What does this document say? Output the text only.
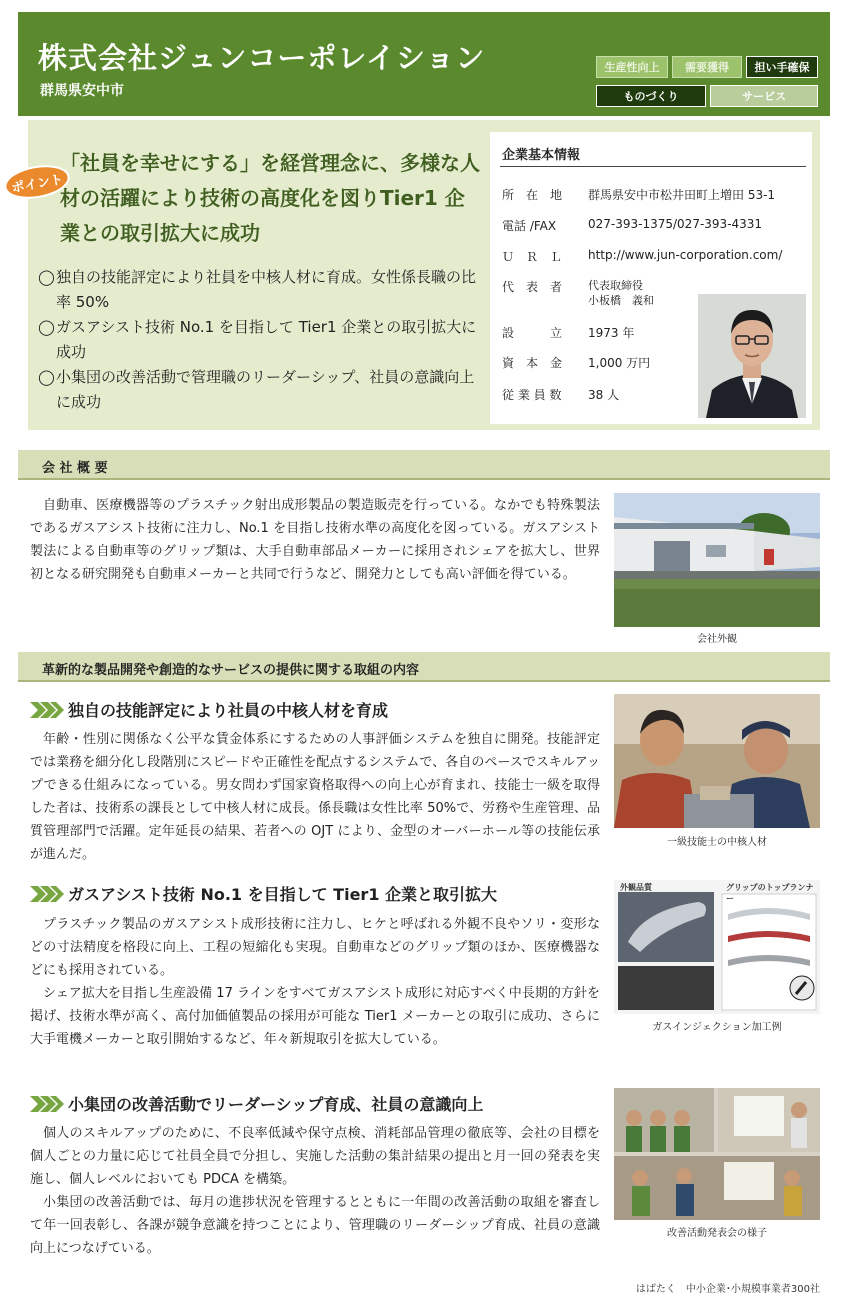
株式会社ジュンコーポレイション
群馬県安中市
生産性向上	需要獲得	担い手確保
ものづくり	サービス
ポイント
「社員を幸せにする」を経営理念に、多様な人材の活躍により技術の高度化を図りTier1 企業との取引拡大に成功
◯独自の技能評定により社員を中核人材に育成。女性係長職の比率 50%
◯ガスアシスト技術 No.1 を目指して Tier1 企業との取引拡大に成功
◯小集団の改善活動で管理職のリーダーシップ、社員の意識向上に成功
企業基本情報
所　在　地 群馬県安中市松井田町上増田 53-1
電話 /FAX	027-393-1375/027-393-4331
Ｕ　Ｒ　Ｌ http://www.jun-corporation.com/
代　表　者 代表取締役
小板橋　義和
設　　　立 1973 年
資　本　金 1,000 万円
従 業 員 数 38 人
会 社 概 要

自動車、医療機器等のプラスチック射出成形製品の製造販売を行っている。なかでも特殊製法であるガスアシスト技術に注力し、No.1 を目指し技術水準の高度化を図っている。ガスアシスト製法による自動車等のグリップ類は、大手自動車部品メーカーに採用されシェアを拡大し、世界初となる研究開発も自動車メーカーと共同で行うなど、開発力としても高い評価を得ている。

会社外観
革新的な製品開発や創造的なサービスの提供に関する取組の内容
独自の技能評定により社員の中核人材を育成

年齢・性別に関係なく公平な賃金体系にするための人事評価システムを独自に開発。技能評定では業務を細分化し段階別にスピードや正確性を配点するシステムで、各自のペースでスキルアップできる仕組みになっている。男女問わず国家資格取得への向上心が育まれ、技能士一級を取得した者は、技術系の課長として中核人材に成長。係長職は女性比率 50%で、労務や生産管理、品質管理部門で活躍。定年延長の結果、若者への OJT により、金型のオーバーホール等の技能伝承が進んだ。

一級技能士の中核人材
ガスアシスト技術 No.1 を目指して Tier1 企業と取引拡大

プラスチック製品のガスアシスト成形技術に注力し、ヒケと呼ばれる外観不良やソリ・変形などの寸法精度を格段に向上、工程の短縮化も実現。自動車などのグリップ類のほか、医療機器などにも採用されている。

シェア拡大を目指し生産設備 17 ラインをすべてガスアシスト成形に対応すべく中長期的方針を掲げ、技術水準が高く、高付加価値製品の採用が可能な Tier1 メーカーとの取引に成功、さらに大手電機メーカーと取引開始するなど、年々新規取引を拡大している。

外観品質	グリップのトップランナー
ガスインジェクション加工例
小集団の改善活動でリーダーシップ育成、社員の意識向上

個人のスキルアップのために、不良率低減や保守点検、消耗部品管理の徹底等、会社の目標を個人ごとの力量に応じて社員全員で分担し、実施した活動の集計結果の提出と月一回の発表を実施し、個人レベルにおいても PDCA を構築。

小集団の改善活動では、毎月の進捗状況を管理するとともに一年間の改善活動の取組を審査して年一回表彰し、各課が競争意識を持つことにより、管理職のリーダーシップ育成、社員の意識向上につなげている。

改善活動発表会の様子
はばたく　中小企業･小規模事業者300社
